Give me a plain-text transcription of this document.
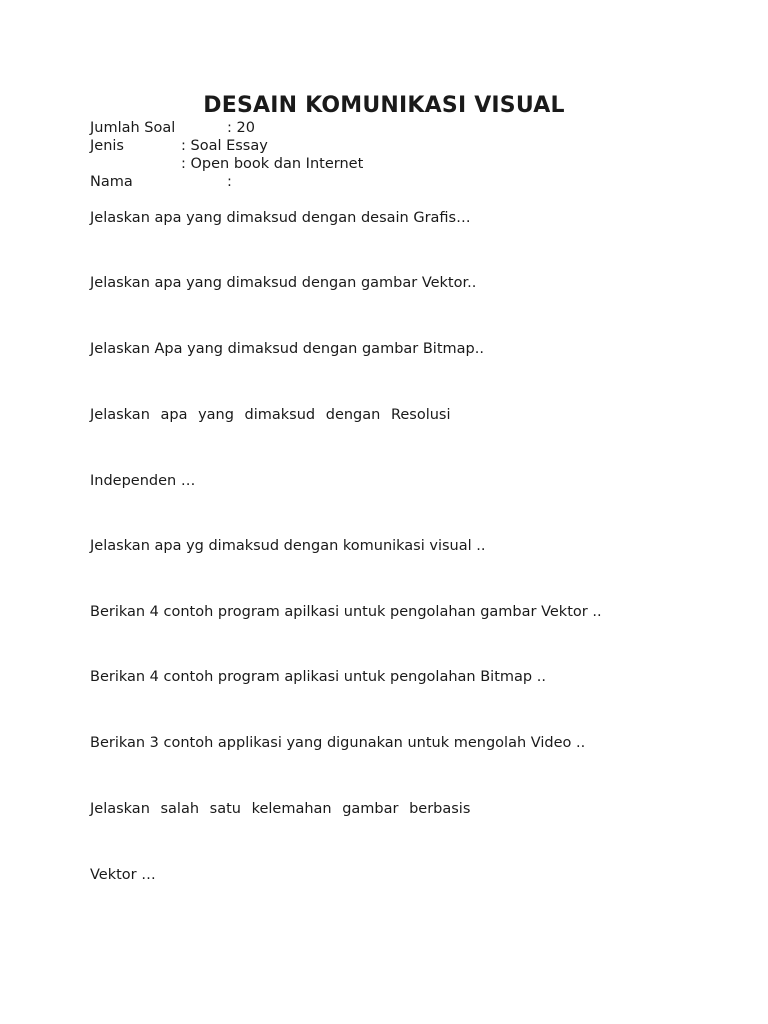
DESAIN KOMUNIKASI VISUAL
Jumlah Soal	: 20
Jenis	: Soal Essay
: Open book dan Internet
Nama	:
Jelaskan apa yang dimaksud dengan desain Grafis…
Jelaskan apa yang dimaksud dengan gambar Vektor..
Jelaskan Apa yang dimaksud dengan gambar Bitmap..
Jelaskan apa yang dimaksud dengan Resolusi
Independen …
Jelaskan apa yg dimaksud dengan komunikasi visual ..
Berikan 4 contoh program apilkasi untuk pengolahan gambar Vektor ..
Berikan 4 contoh program aplikasi untuk pengolahan Bitmap ..
Berikan 3 contoh applikasi yang digunakan untuk mengolah Video ..
Jelaskan salah satu kelemahan gambar berbasis
Vektor …
